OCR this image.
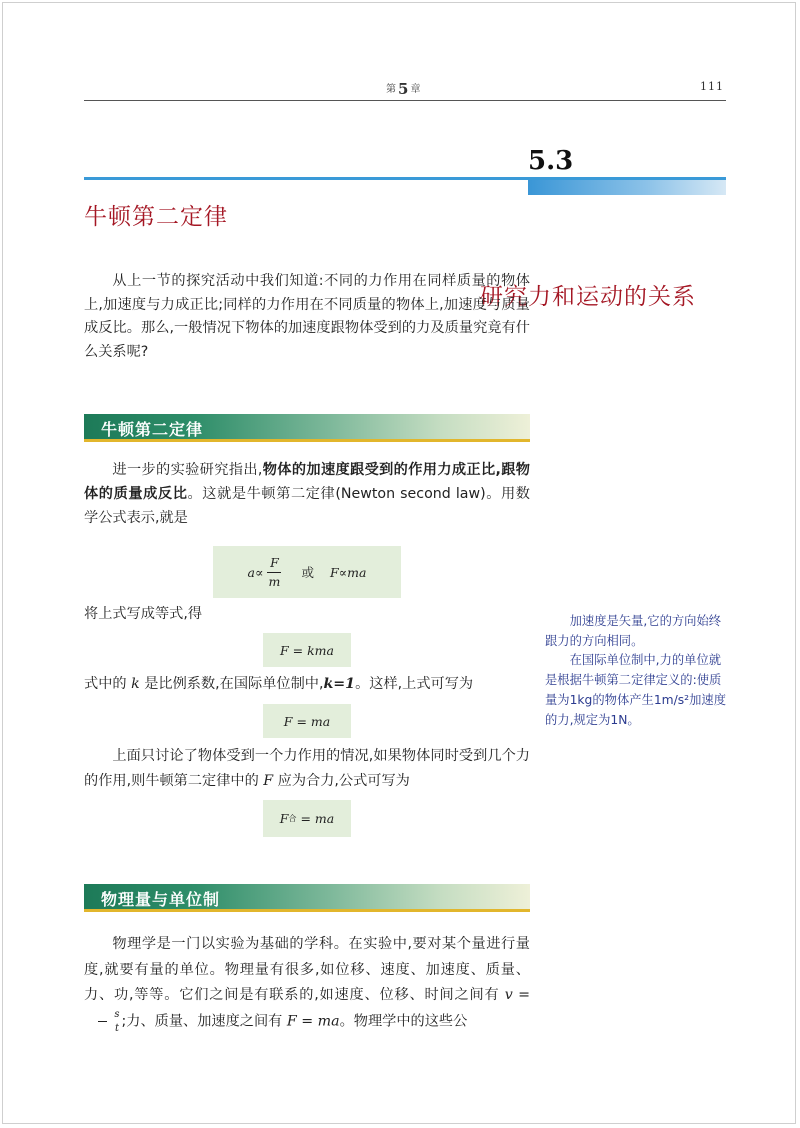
第 5 章
研究力和运动的关系
111
5.3
牛顿第二定律

从上一节的探究活动中我们知道:不同的力作用在同样质量的物体上,加速度与力成正比;同样的力作用在不同质量的物体上,加速度与质量成反比。那么,一般情况下物体的加速度跟物体受到的力及质量究竟有什么关系呢?

牛顿第二定律

进一步的实验研究指出,物体的加速度跟受到的作用力成正比,跟物体的质量成反比。这就是牛顿第二定律(Newton second law)。用数学公式表示,就是

$a\propto \frac{F}{m}$ 或 F∝ma

将上式写成等式,得

F = kma

式中的 k 是比例系数,在国际单位制中,k=1。这样,上式可写为

F = ma

上面只讨论了物体受到一个力作用的情况,如果物体同时受到几个力的作用,则牛顿第二定律中的 F 应为合力,公式可写为

F 合 = ma

加速度是矢量,它的方向始终跟力的方向相同。

在国际单位制中,力的单位就是根据牛顿第二定律定义的:使质量为1kg的物体产生1m/s²加速度的力,规定为1N。

物理量与单位制

物理学是一门以实验为基础的学科。在实验中,要对某个量进行量度,就要有量的单位。物理量有很多,如位移、速度、加速度、质量、力、功,等等。它们之间是有联系的,如速度、位移、时间之间有 v =
$\frac{s}{t}$ ;力、质量、加速度之间有 F = ma。物理学中的这些公
